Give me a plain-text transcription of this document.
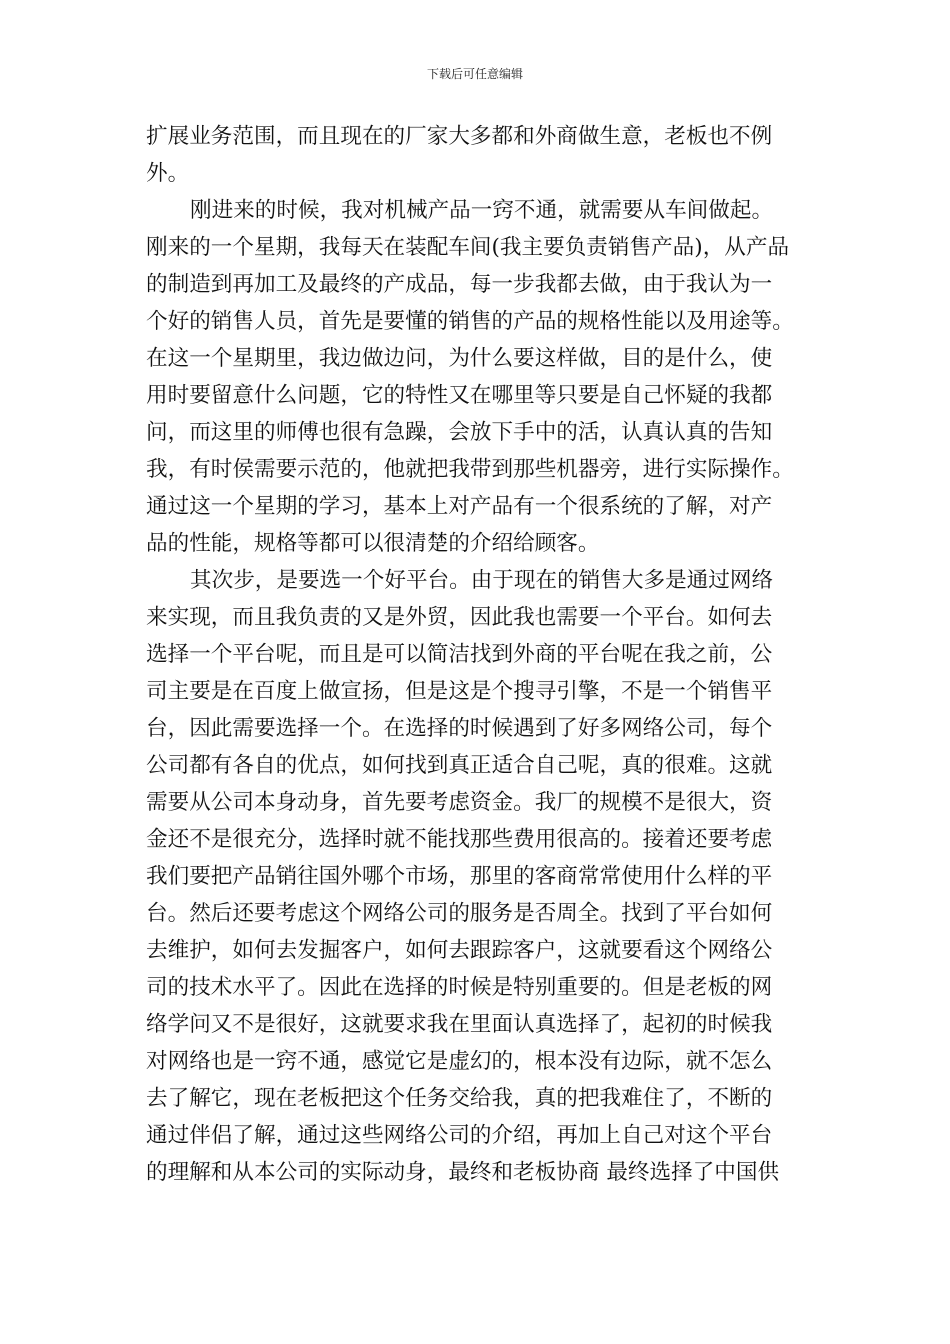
下载后可任意编辑
扩展业务范围，而且现在的厂家大多都和外商做生意，老板也不例
外。
刚进来的时候，我对机械产品一窍不通，就需要从车间做起。
刚来的一个星期，我每天在装配车间(我主要负责销售产品)，从产品
的制造到再加工及最终的产成品，每一步我都去做，由于我认为一
个好的销售人员，首先是要懂的销售的产品的规格性能以及用途等。
在这一个星期里，我边做边问，为什么要这样做，目的是什么，使
用时要留意什么问题，它的特性又在哪里等只要是自己怀疑的我都
问，而这里的师傅也很有急躁，会放下手中的活，认真认真的告知
我，有时侯需要示范的，他就把我带到那些机器旁，进行实际操作。
通过这一个星期的学习，基本上对产品有一个很系统的了解，对产
品的性能，规格等都可以很清楚的介绍给顾客。
其次步，是要选一个好平台。由于现在的销售大多是通过网络
来实现，而且我负责的又是外贸，因此我也需要一个平台。如何去
选择一个平台呢，而且是可以简洁找到外商的平台呢在我之前，公
司主要是在百度上做宣扬，但是这是个搜寻引擎，不是一个销售平
台，因此需要选择一个。在选择的时候遇到了好多网络公司，每个
公司都有各自的优点，如何找到真正适合自己呢，真的很难。这就
需要从公司本身动身，首先要考虑资金。我厂的规模不是很大，资
金还不是很充分，选择时就不能找那些费用很高的。接着还要考虑
我们要把产品销往国外哪个市场，那里的客商常常使用什么样的平
台。然后还要考虑这个网络公司的服务是否周全。找到了平台如何
去维护，如何去发掘客户，如何去跟踪客户，这就要看这个网络公
司的技术水平了。因此在选择的时候是特别重要的。但是老板的网
络学问又不是很好，这就要求我在里面认真选择了，起初的时候我
对网络也是一窍不通，感觉它是虚幻的，根本没有边际，就不怎么
去了解它，现在老板把这个任务交给我，真的把我难住了，不断的
通过伴侣了解，通过这些网络公司的介绍，再加上自己对这个平台
的理解和从本公司的实际动身，最终和老板协商 最终选择了中国供
